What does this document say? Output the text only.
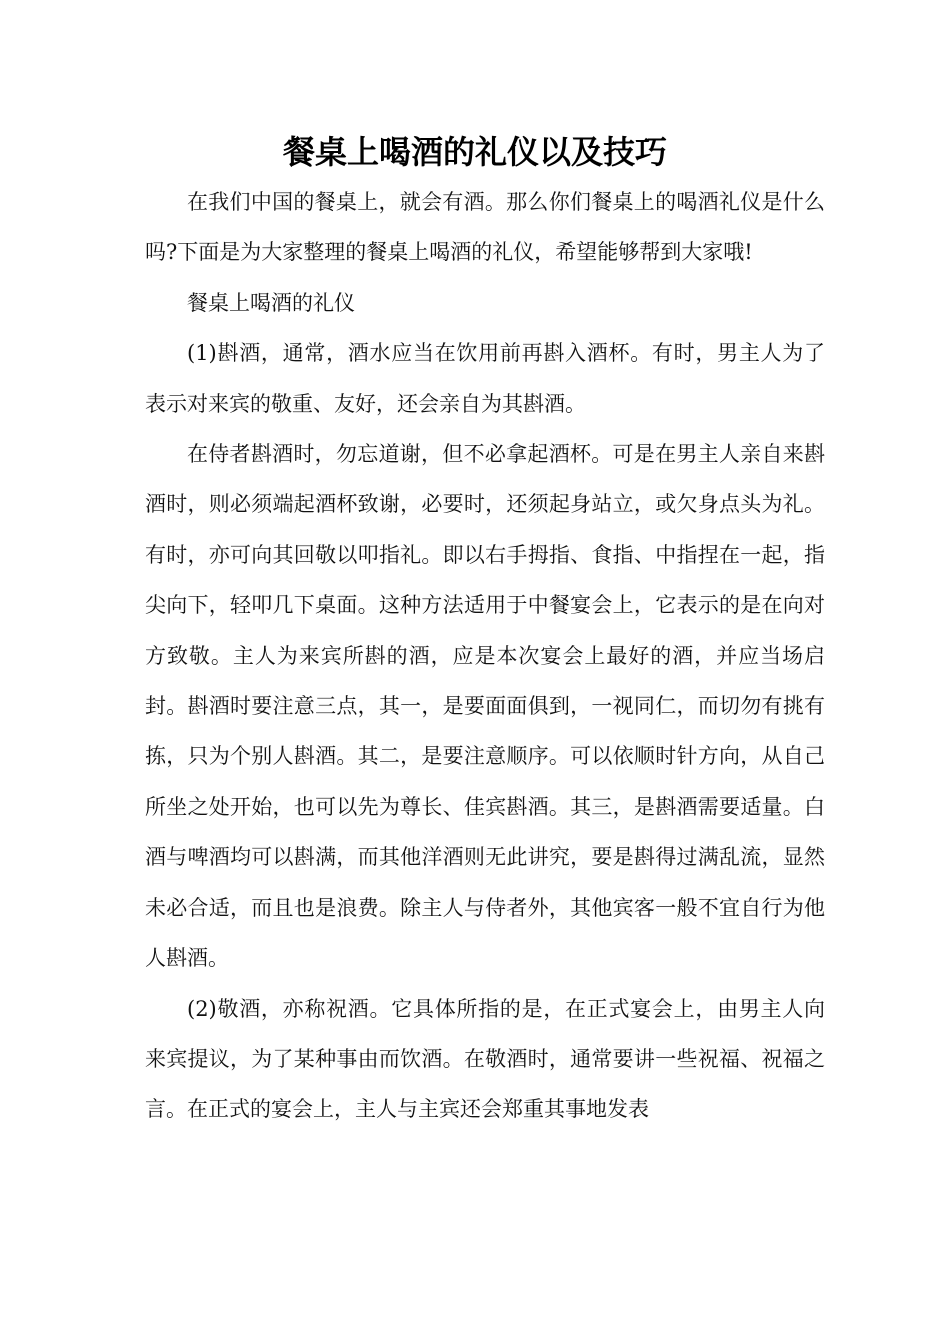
餐桌上喝酒的礼仪以及技巧

在我们中国的餐桌上，就会有酒。那么你们餐桌上的喝酒礼仪是什么吗?下面是为大家整理的餐桌上喝酒的礼仪，希望能够帮到大家哦!

餐桌上喝酒的礼仪

(1)斟酒，通常，酒水应当在饮用前再斟入酒杯。有时，男主人为了表示对来宾的敬重、友好，还会亲自为其斟酒。

在侍者斟酒时，勿忘道谢，但不必拿起酒杯。可是在男主人亲自来斟酒时，则必须端起酒杯致谢，必要时，还须起身站立，或欠身点头为礼。有时，亦可向其回敬以叩指礼。即以右手拇指、食指、中指捏在一起，指尖向下，轻叩几下桌面。这种方法适用于中餐宴会上，它表示的是在向对方致敬。主人为来宾所斟的酒，应是本次宴会上最好的酒，并应当场启封。斟酒时要注意三点，其一，是要面面俱到，一视同仁，而切勿有挑有拣，只为个别人斟酒。其二，是要注意顺序。可以依顺时针方向，从自己所坐之处开始，也可以先为尊长、佳宾斟酒。其三，是斟酒需要适量。白酒与啤酒均可以斟满，而其他洋酒则无此讲究，要是斟得过满乱流，显然未必合适，而且也是浪费。除主人与侍者外，其他宾客一般不宜自行为他人斟酒。

(2)敬酒，亦称祝酒。它具体所指的是，在正式宴会上，由男主人向来宾提议，为了某种事由而饮酒。在敬酒时，通常要讲一些祝福、祝福之言。在正式的宴会上，主人与主宾还会郑重其事地发表
